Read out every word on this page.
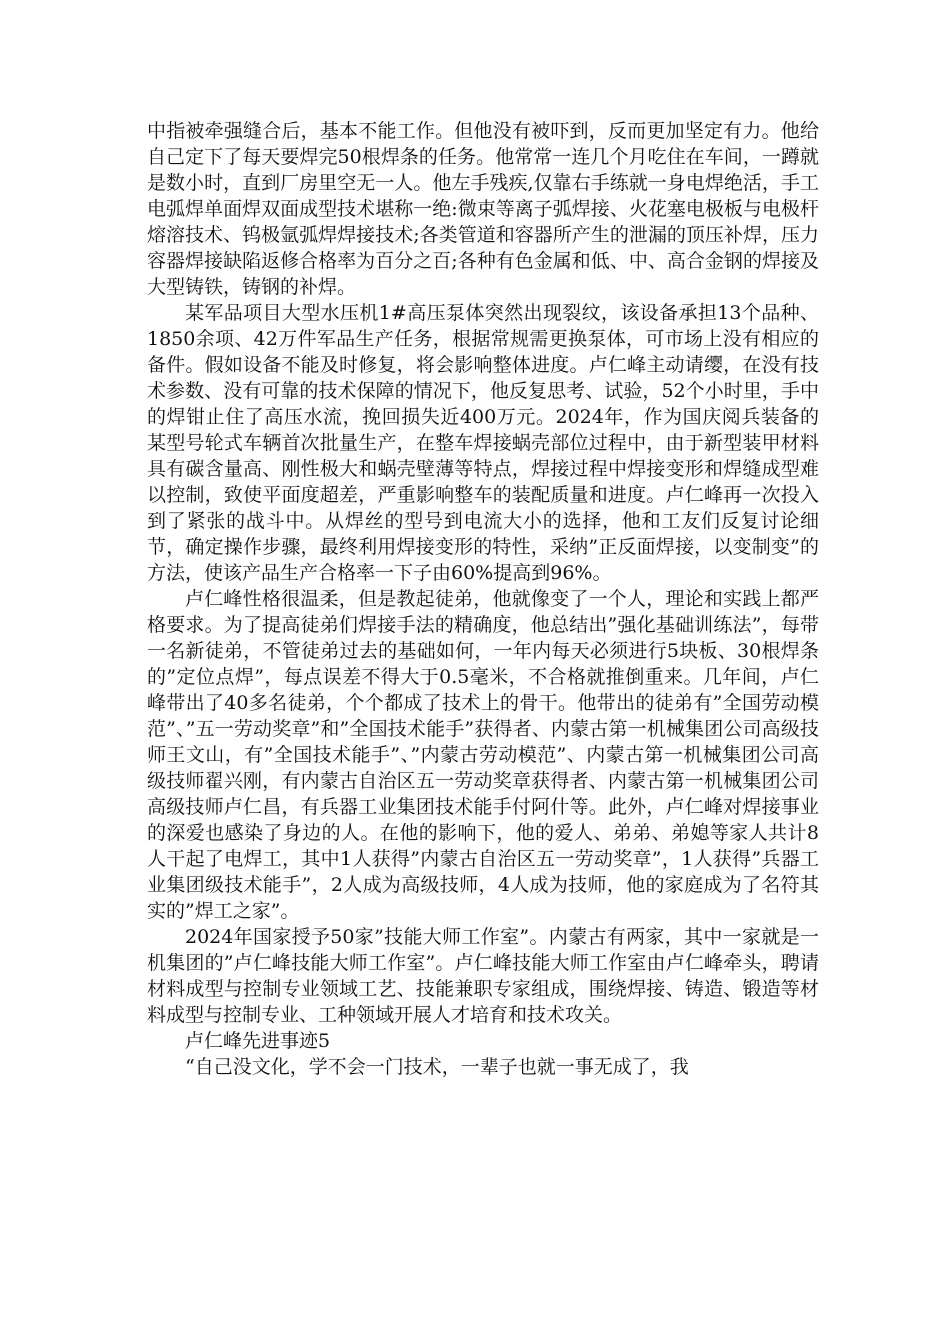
中指被牵强缝合后，基本不能工作。但他没有被吓到，反而更加坚定有力。他给自己定下了每天要焊完50根焊条的任务。他常常一连几个月吃住在车间，一蹲就是数小时，直到厂房里空无一人。他左手残疾,仅靠右手练就一身电焊绝活，手工电弧焊单面焊双面成型技术堪称一绝:微束等离子弧焊接、火花塞电极板与电极杆熔溶技术、钨极氩弧焊焊接技术;各类管道和容器所产生的泄漏的顶压补焊，压力容器焊接缺陷返修合格率为百分之百;各种有色金属和低、中、高合金钢的焊接及大型铸铁，铸钢的补焊。

某军品项目大型水压机1#高压泵体突然出现裂纹，该设备承担13个品种、1850余项、42万件军品生产任务，根据常规需更换泵体，可市场上没有相应的备件。假如设备不能及时修复，将会影响整体进度。卢仁峰主动请缨，在没有技术参数、没有可靠的技术保障的情况下，他反复思考、试验，52个小时里，手中的焊钳止住了高压水流，挽回损失近400万元。2024年，作为国庆阅兵装备的某型号轮式车辆首次批量生产，在整车焊接蜗壳部位过程中，由于新型装甲材料具有碳含量高、刚性极大和蜗壳壁薄等特点，焊接过程中焊接变形和焊缝成型难以控制，致使平面度超差，严重影响整车的装配质量和进度。卢仁峰再一次投入到了紧张的战斗中。从焊丝的型号到电流大小的选择，他和工友们反复讨论细节，确定操作步骤，最终利用焊接变形的特性，采纳”正反面焊接，以变制变”的方法，使该产品生产合格率一下子由60%提高到96%。

卢仁峰性格很温柔，但是教起徒弟，他就像变了一个人，理论和实践上都严格要求。为了提高徒弟们焊接手法的精确度，他总结出”强化基础训练法”，每带一名新徒弟，不管徒弟过去的基础如何，一年内每天必须进行5块板、30根焊条的”定位点焊”，每点误差不得大于0.5毫米，不合格就推倒重来。几年间，卢仁峰带出了40多名徒弟，个个都成了技术上的骨干。他带出的徒弟有”全国劳动模范”、”五一劳动奖章”和”全国技术能手”获得者、内蒙古第一机械集团公司高级技师王文山，有”全国技术能手”、”内蒙古劳动模范”、内蒙古第一机械集团公司高级技师翟兴刚，有内蒙古自治区五一劳动奖章获得者、内蒙古第一机械集团公司高级技师卢仁昌，有兵器工业集团技术能手付阿什等。此外，卢仁峰对焊接事业的深爱也感染了身边的人。在他的影响下，他的爱人、弟弟、弟媳等家人共计8人干起了电焊工，其中1人获得”内蒙古自治区五一劳动奖章”，1人获得”兵器工业集团级技术能手”，2人成为高级技师，4人成为技师，他的家庭成为了名符其实的”焊工之家”。

2024年国家授予50家”技能大师工作室”。内蒙古有两家，其中一家就是一机集团的”卢仁峰技能大师工作室”。卢仁峰技能大师工作室由卢仁峰牵头，聘请材料成型与控制专业领域工艺、技能兼职专家组成，围绕焊接、铸造、锻造等材料成型与控制专业、工种领域开展人才培育和技术攻关。

卢仁峰先进事迹5

“自己没文化，学不会一门技术，一辈子也就一事无成了，我
